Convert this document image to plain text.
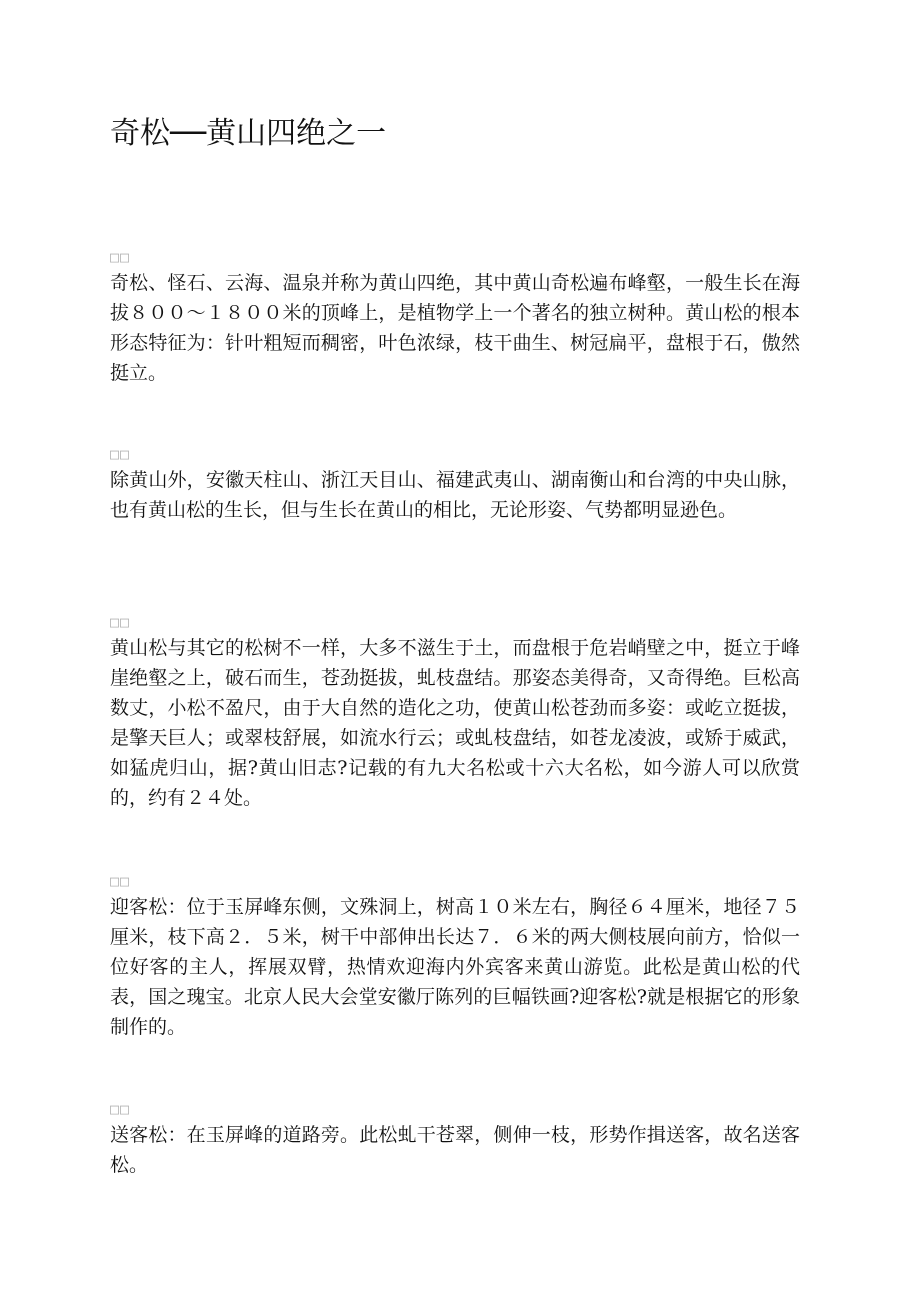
奇松──黄山四绝之一
□□

奇松、怪石、云海、温泉并称为黄山四绝，其中黄山奇松遍布峰壑，一般生长在海拔８００～１８００米的顶峰上，是植物学上一个著名的独立树种。黄山松的根本形态特征为：针叶粗短而稠密，叶色浓绿，枝干曲生、树冠扁平，盘根于石，傲然挺立。

□□

除黄山外，安徽天柱山、浙江天目山、福建武夷山、湖南衡山和台湾的中央山脉，也有黄山松的生长，但与生长在黄山的相比，无论形姿、气势都明显逊色。

□□

黄山松与其它的松树不一样，大多不滋生于土，而盘根于危岩峭壁之中，挺立于峰崖绝壑之上，破石而生，苍劲挺拔，虬枝盘结。那姿态美得奇，又奇得绝。巨松高数丈，小松不盈尺，由于大自然的造化之功，使黄山松苍劲而多姿：或屹立挺拔，是擎天巨人；或翠枝舒展，如流水行云；或虬枝盘结，如苍龙凌波，或矫于威武，如猛虎归山，据?黄山旧志?记载的有九大名松或十六大名松，如今游人可以欣赏的，约有２４处。

□□

迎客松：位于玉屏峰东侧，文殊洞上，树高１０米左右，胸径６４厘米，地径７５厘米，枝下高２．５米，树干中部伸出长达７．６米的两大侧枝展向前方，恰似一位好客的主人，挥展双臂，热情欢迎海内外宾客来黄山游览。此松是黄山松的代表，国之瑰宝。北京人民大会堂安徽厅陈列的巨幅铁画?迎客松?就是根据它的形象制作的。

□□

送客松：在玉屏峰的道路旁。此松虬干苍翠，侧伸一枝，形势作揖送客，故名送客松。
